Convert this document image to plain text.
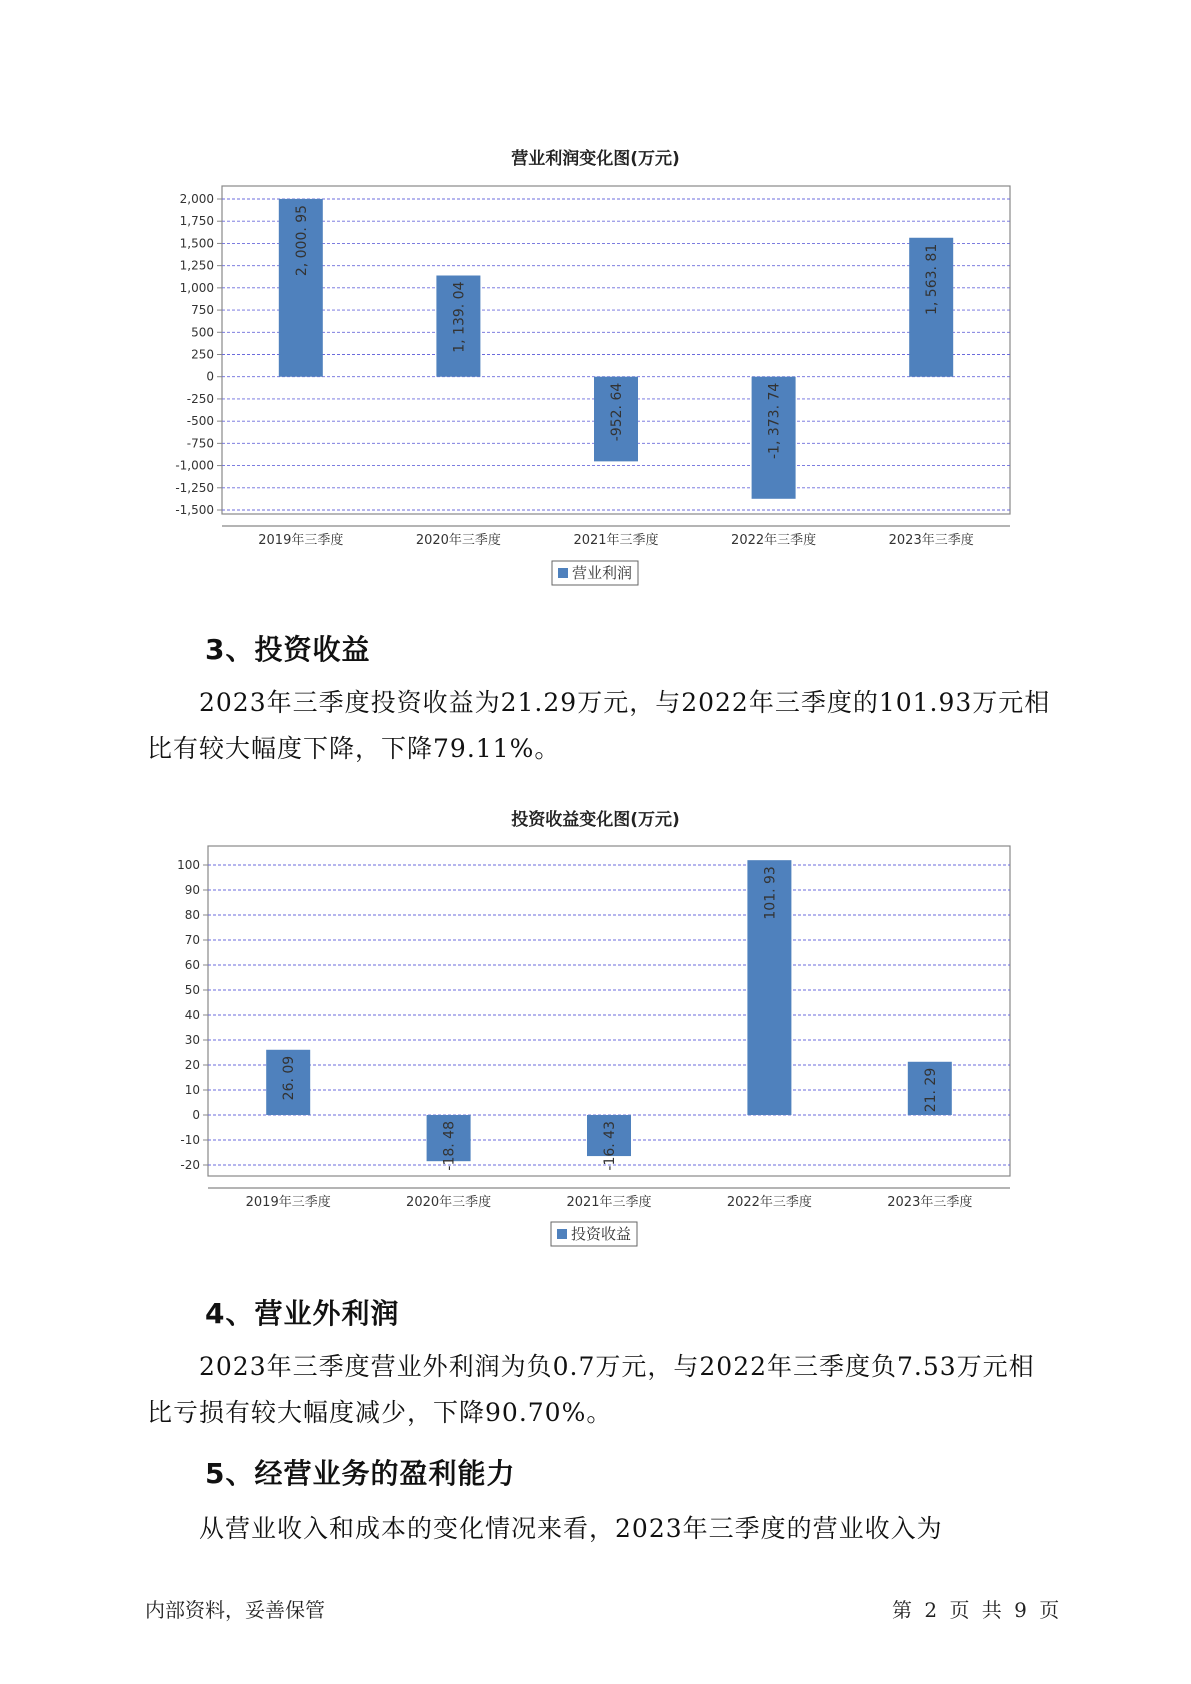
营业利润变化图(万元)
2,000
1,750
1,500
1,250
1,000
750
500
250
0
-250
-500
-750
-1,000
-1,250
-1,500
2, 000. 95
2019年三季度
1, 139. 04
2020年三季度
-952. 64
2021年三季度
-1, 373. 74
2022年三季度
1, 563. 81
2023年三季度
营业利润
3、投资收益
2023年三季度投资收益为21.29万元，与2022年三季度的101.93万元相
比有较大幅度下降，下降79.11%。
投资收益变化图(万元)
100
90
80
70
60
50
40
30
20
10
0
-10
-20
26. 09
2019年三季度
-18. 48
2020年三季度
-16. 43
2021年三季度
101. 93
2022年三季度
21. 29
2023年三季度
投资收益
4、营业外利润
2023年三季度营业外利润为负0.7万元，与2022年三季度负7.53万元相
比亏损有较大幅度减少，下降90.70%。
5、经营业务的盈利能力
从营业收入和成本的变化情况来看，2023年三季度的营业收入为
内部资料，妥善保管	第 2 页 共 9 页
